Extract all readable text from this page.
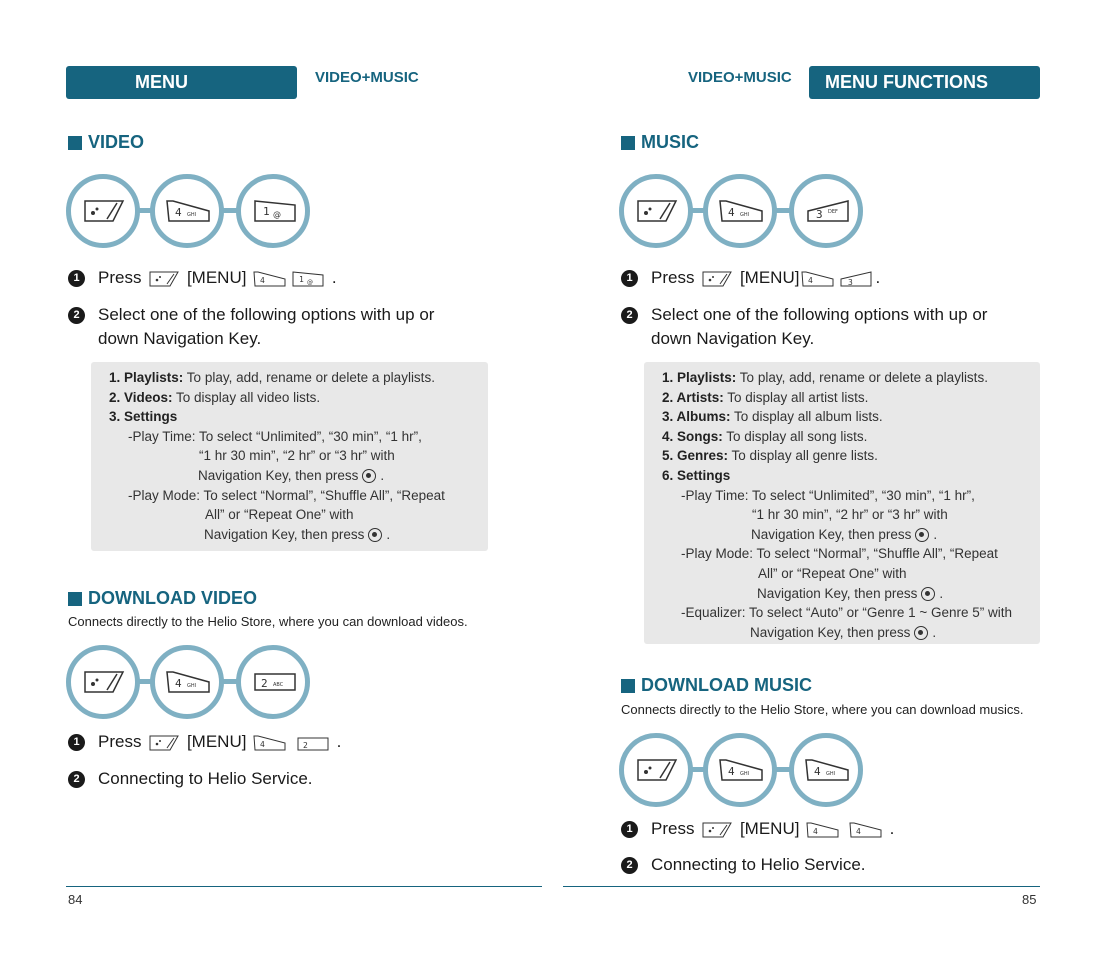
MENU FUNCTIONS
VIDEO+MUSIC
VIDEO
4 GHI	1 @
1	Press	[MENU] 4	1 @ .
2	Select one of the following options with up or down Navigation Key.
1. Playlists: To play, add, rename or delete a playlists.
2. Videos: To display all video lists.
3. Settings
-Play Time: To select “Unlimited”, “30 min”, “1 hr”,
“1 hr 30 min”, “2 hr” or “3 hr” with
Navigation Key, then press .
-Play Mode: To select “Normal”, “Shuffle All”, “Repeat
All” or “Repeat One” with
Navigation Key, then press .
DOWNLOAD VIDEO
Connects directly to the Helio Store, where you can download videos.
4 GHI	2 ABC
1	Press	[MENU] 4
	2 .
2	Connecting to Helio Service.
84
VIDEO+MUSIC	MENU FUNCTIONS
MUSIC
4 GHI	3 DEF
1	Press	[MENU] 4	3 .
2	Select one of the following options with up or down Navigation Key.
1. Playlists: To play, add, rename or delete a playlists.
2. Artists: To display all artist lists.
3. Albums: To display all album lists.
4. Songs: To display all song lists.
5. Genres: To display all genre lists.
6. Settings
-Play Time: To select “Unlimited”, “30 min”, “1 hr”,
“1 hr 30 min”, “2 hr” or “3 hr” with
Navigation Key, then press .
-Play Mode: To select “Normal”, “Shuffle All”, “Repeat
All” or “Repeat One” with
Navigation Key, then press .
-Equalizer: To select “Auto” or “Genre 1 ~ Genre 5” with
Navigation Key, then press .
DOWNLOAD MUSIC
Connects directly to the Helio Store, where you can download musics.
4 GHI	4 GHI
1	Press	[MENU] 4
	4 .
2	Connecting to Helio Service.
85
